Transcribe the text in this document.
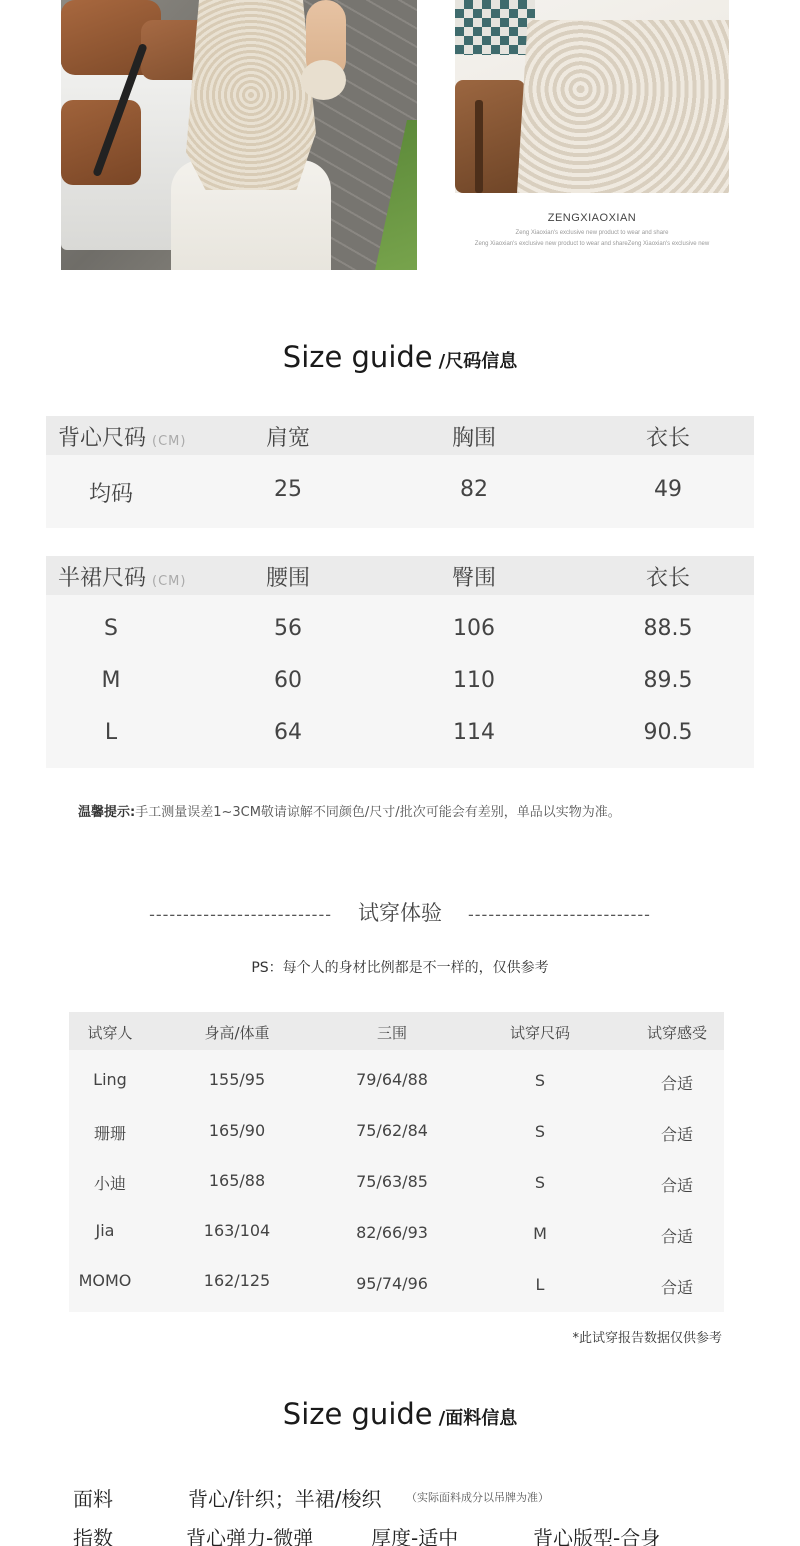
ZENGXIAOXIAN
Zeng Xiaoxian's exclusive new product to wear and share
Zeng Xiaoxian's exclusive new product to wear and shareZeng Xiaoxian's exclusive new
Size guide /尺码信息
背心尺码 (CM)	肩宽	胸围	衣长
均码	25	82	49
半裙尺码 (CM)	腰围	臀围	衣长
S	56	106	88.5
M	60	110	89.5
L	64	114	90.5
温馨提示:手工测量误差1~3CM敬请谅解不同颜色/尺寸/批次可能会有差别，单品以实物为准。
--------------------------- 试穿体验 ---------------------------
PS：每个人的身材比例都是不一样的，仅供参考
试穿人	身高/体重	三围	试穿尺码	试穿感受
Ling	155/95	79/64/88	S	合适
珊珊	165/90	75/62/84	S	合适
小迪	165/88	75/63/85	S	合适
Jia	163/104	82/66/93	M	合适
MOMO	162/125	95/74/96	L	合适
*此试穿报告数据仅供参考
Size guide /面料信息
面料	背心/针织；半裙/梭织 （实际面料成分以吊牌为准）
指数	背心弹力-微弹	厚度-适中	背心版型-合身
